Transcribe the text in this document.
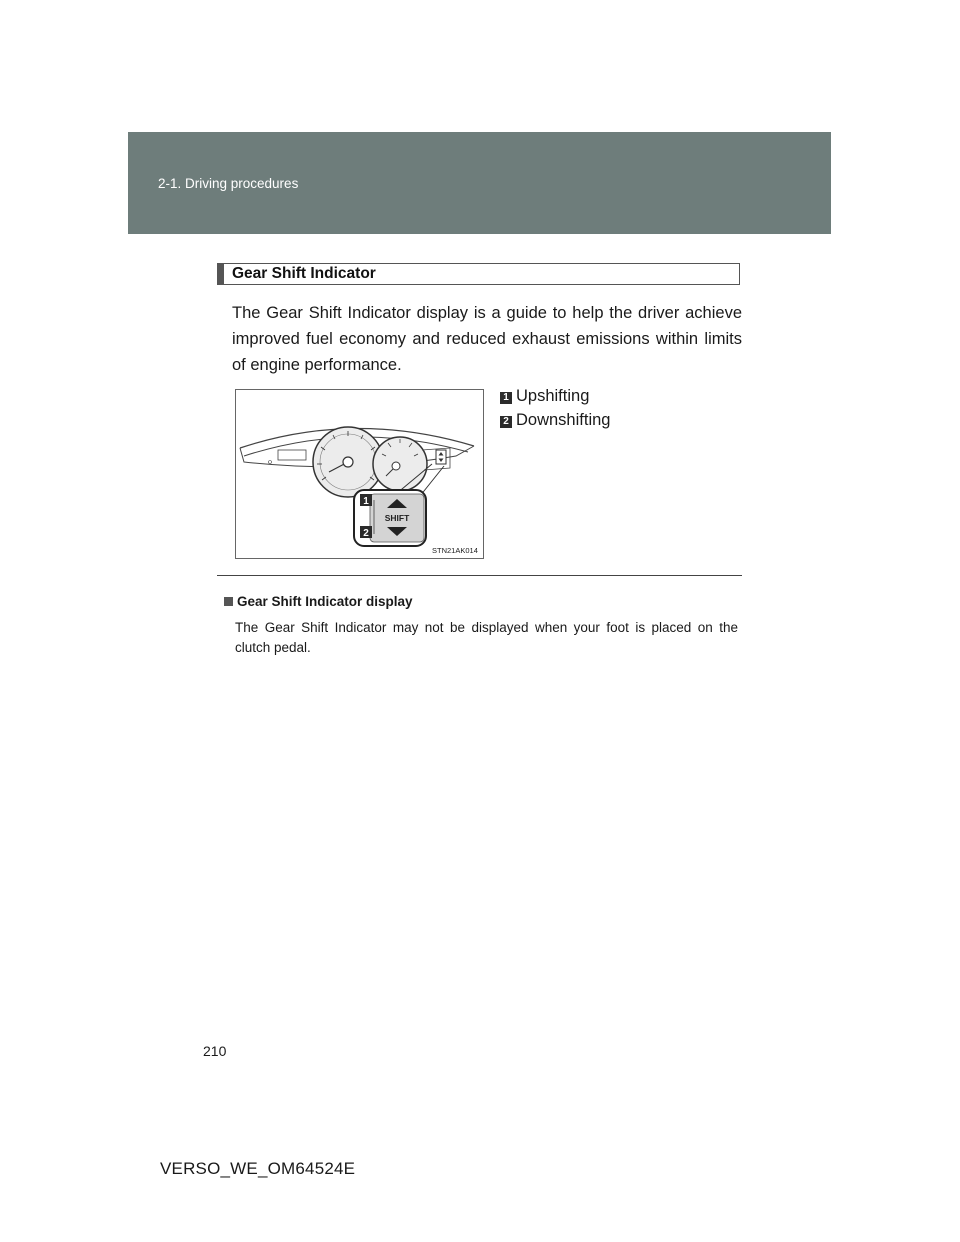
2-1. Driving procedures
Gear Shift Indicator

The Gear Shift Indicator display is a guide to help the driver achieve improved fuel economy and reduced exhaust emissions within limits of engine performance.

SHIFT
1
2
STN21AK014
1 Upshifting
2 Downshifting
Gear Shift Indicator display

The Gear Shift Indicator may not be displayed when your foot is placed on the clutch pedal.

210
VERSO_WE_OM64524E
